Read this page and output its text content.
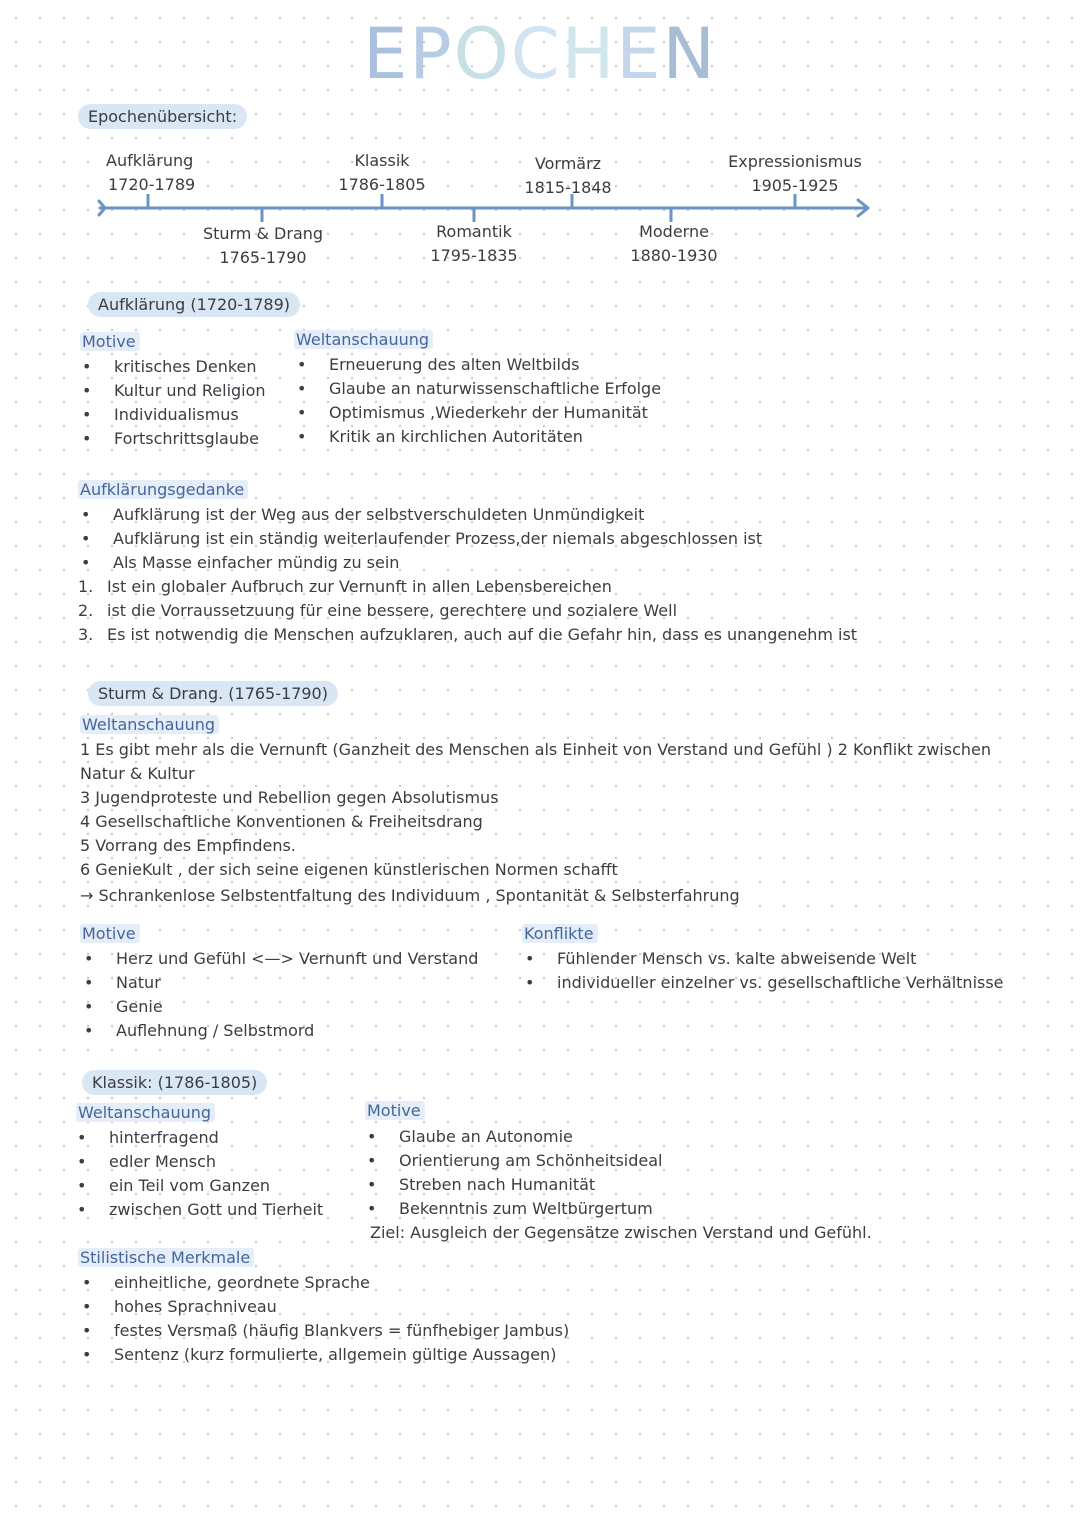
EPOCHEN
Epochenübersicht:
Aufklärung
1720-1789
Klassik
1786-1805
Vormärz
1815-1848
Expressionismus
1905-1925
Sturm & Drang
1765-1790
Romantik
1795-1835
Moderne
1880-1930
Aufklärung (1720-1789)
Motive
• kritisches Denken
• Kultur und Religion
• Individualismus
• Fortschrittsglaube
Weltanschauung
• Erneuerung des alten Weltbilds
• Glaube an naturwissenschaftliche Erfolge
• Optimismus ,Wiederkehr der Humanität
• Kritik an kirchlichen Autoritäten
Aufklärungsgedanke
• Aufklärung ist der Weg aus der selbstverschuldeten Unmündigkeit
• Aufklärung ist ein ständig weiterlaufender Prozess,der niemals abgeschlossen ist
• Als Masse einfacher mündig zu sein
1. Ist ein globaler Aufbruch zur Vernunft in allen Lebensbereichen
2. ist die Vorraussetzuung für eine bessere, gerechtere und sozialere Well
3. Es ist notwendig die Menschen aufzuklaren, auch auf die Gefahr hin, dass es unangenehm ist
Sturm & Drang. (1765-1790)
Weltanschauung
1 Es gibt mehr als die Vernunft (Ganzheit des Menschen als Einheit von Verstand und Gefühl ) 2 Konflikt zwischen
Natur & Kultur
3 Jugendproteste und Rebellion gegen Absolutismus
4 Gesellschaftliche Konventionen & Freiheitsdrang
5 Vorrang des Empfindens.
6 GenieKult , der sich seine eigenen künstlerischen Normen schafft
→ Schrankenlose Selbstentfaltung des Individuum , Spontanität & Selbsterfahrung
Motive
• Herz und Gefühl <—> Vernunft und Verstand
• Natur
• Genie
• Auflehnung / Selbstmord
Konflikte
• Fühlender Mensch vs. kalte abweisende Welt
• individueller einzelner vs. gesellschaftliche Verhältnisse
Klassik: (1786-1805)
Weltanschauung
• hinterfragend
• edler Mensch
• ein Teil vom Ganzen
• zwischen Gott und Tierheit
Motive
• Glaube an Autonomie
• Orientierung am Schönheitsideal
• Streben nach Humanität
• Bekenntnis zum Weltbürgertum
Ziel: Ausgleich der Gegensätze zwischen Verstand und Gefühl.
Stilistische Merkmale
• einheitliche, geordnete Sprache
• hohes Sprachniveau
• festes Versmaß (häufig Blankvers = fünfhebiger Jambus)
• Sentenz (kurz formulierte, allgemein gültige Aussagen)
